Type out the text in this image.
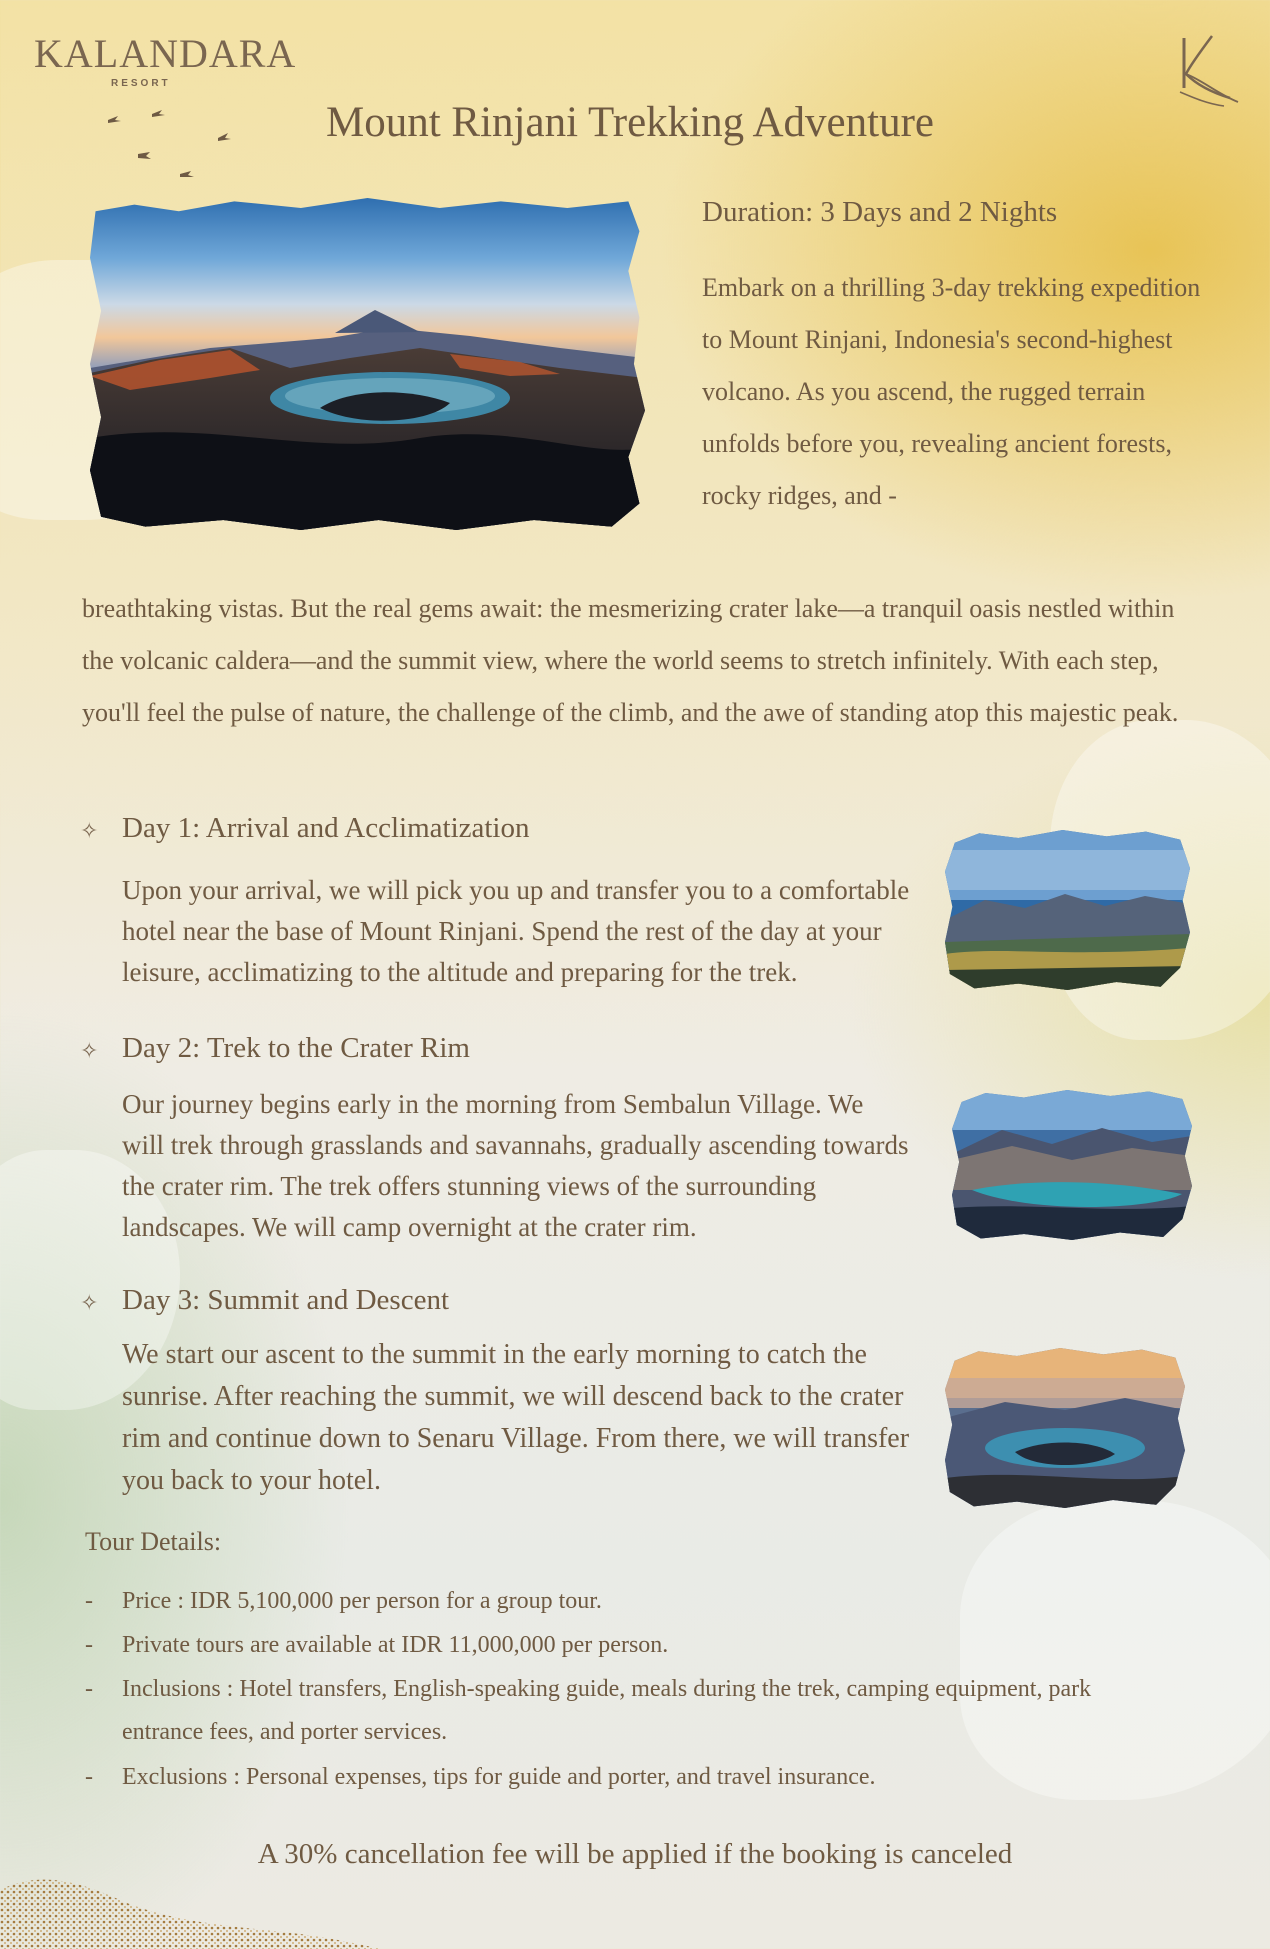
KALANDARA
RESORT
Mount Rinjani Trekking Adventure
Duration: 3 Days and 2 Nights
Embark on a thrilling 3-day trekking expedition to Mount Rinjani, Indonesia's second-highest volcano. As you ascend, the rugged terrain unfolds before you, revealing ancient forests, rocky ridges, and -
breathtaking vistas. But the real gems await: the mesmerizing crater lake—a tranquil oasis nestled within the volcanic caldera—and the summit view, where the world seems to stretch infinitely. With each step, you'll feel the pulse of nature, the challenge of the climb, and the awe of standing atop this majestic peak.
✧ Day 1: Arrival and Acclimatization
Upon your arrival, we will pick you up and transfer you to a comfortable hotel near the base of Mount Rinjani. Spend the rest of the day at your leisure, acclimatizing to the altitude and preparing for the trek.
✧ Day 2: Trek to the Crater Rim
Our journey begins early in the morning from Sembalun Village. We will trek through grasslands and savannahs, gradually ascending towards the crater rim. The trek offers stunning views of the surrounding landscapes. We will camp overnight at the crater rim.
✧ Day 3: Summit and Descent
We start our ascent to the summit in the early morning to catch the sunrise. After reaching the summit, we will descend back to the crater rim and continue down to Senaru Village. From there, we will transfer you back to your hotel.
Tour Details:
- Price : IDR 5,100,000 per person for a group tour.
- Private tours are available at IDR 11,000,000 per person.
- Inclusions : Hotel transfers, English-speaking guide, meals during the trek, camping equipment, park entrance fees, and porter services.
- Exclusions : Personal expenses, tips for guide and porter, and travel insurance.
A 30% cancellation fee will be applied if the booking is canceled
